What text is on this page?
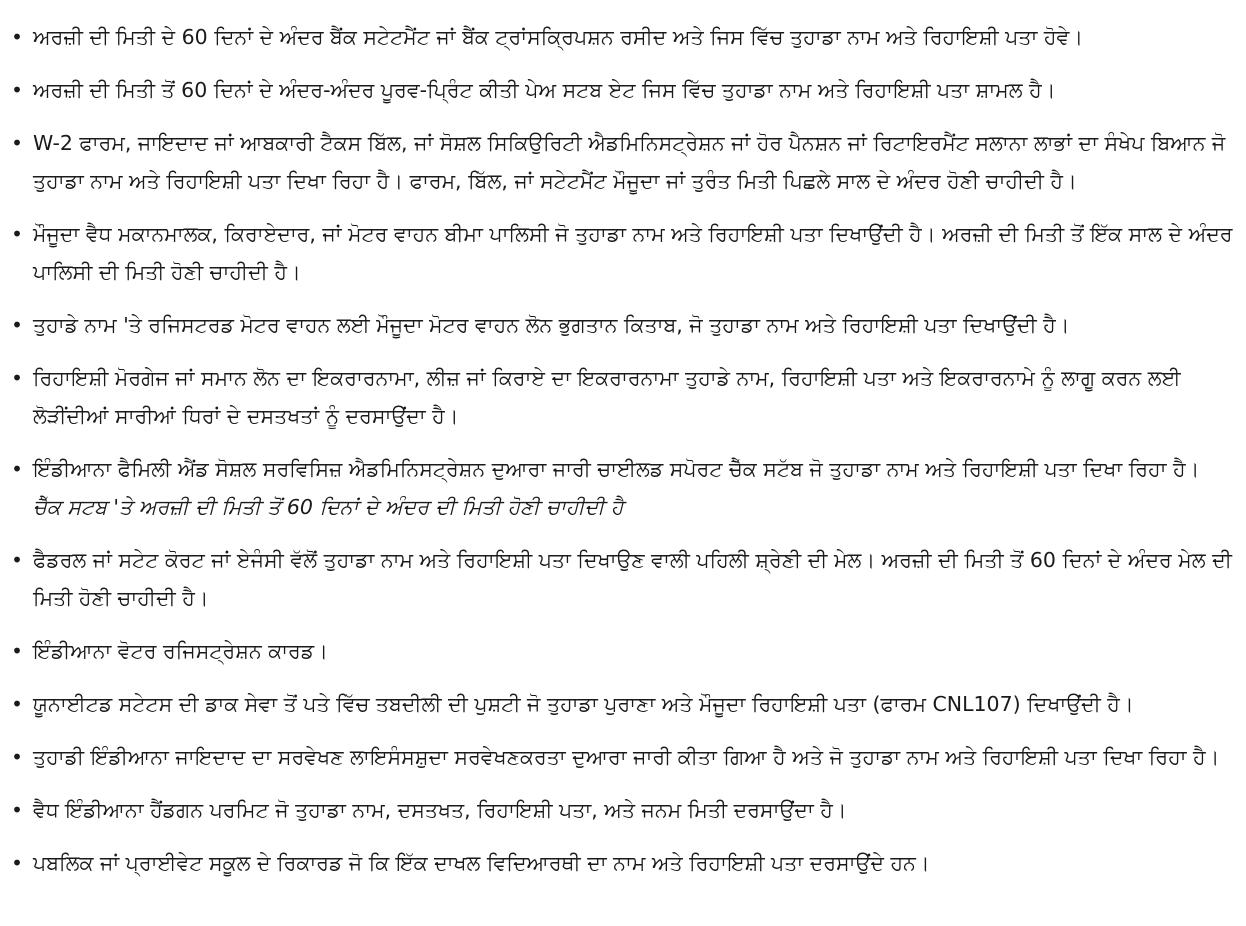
• ਅਰਜ਼ੀ ਦੀ ਮਿਤੀ ਦੇ 60 ਦਿਨਾਂ ਦੇ ਅੰਦਰ ਬੈਂਕ ਸਟੇਟਮੈਂਟ ਜਾਂ ਬੈਂਕ ਟ੍ਰਾਂਸਕ੍ਰਿਪਸ਼ਨ ਰਸੀਦ ਅਤੇ ਜਿਸ ਵਿੱਚ ਤੁਹਾਡਾ ਨਾਮ ਅਤੇ ਰਿਹਾਇਸ਼ੀ ਪਤਾ ਹੋਵੇ।
• ਅਰਜ਼ੀ ਦੀ ਮਿਤੀ ਤੋਂ 60 ਦਿਨਾਂ ਦੇ ਅੰਦਰ-ਅੰਦਰ ਪੂਰਵ-ਪ੍ਰਿੰਟ ਕੀਤੀ ਪੇਅ ਸਟਬ ਏਟ ਜਿਸ ਵਿੱਚ ਤੁਹਾਡਾ ਨਾਮ ਅਤੇ ਰਿਹਾਇਸ਼ੀ ਪਤਾ ਸ਼ਾਮਲ ਹੈ।
• W-2 ਫਾਰਮ, ਜਾਇਦਾਦ ਜਾਂ ਆਬਕਾਰੀ ਟੈਕਸ ਬਿੱਲ, ਜਾਂ ਸੋਸ਼ਲ ਸਿਕਿਉਰਿਟੀ ਐਡਮਿਨਿਸਟ੍ਰੇਸ਼ਨ ਜਾਂ ਹੋਰ ਪੈਨਸ਼ਨ ਜਾਂ ਰਿਟਾਇਰਮੈਂਟ ਸਲਾਨਾ ਲਾਭਾਂ ਦਾ ਸੰਖੇਪ ਬਿਆਨ ਜੋ ਤੁਹਾਡਾ ਨਾਮ ਅਤੇ ਰਿਹਾਇਸ਼ੀ ਪਤਾ ਦਿਖਾ ਰਿਹਾ ਹੈ। ਫਾਰਮ, ਬਿੱਲ, ਜਾਂ ਸਟੇਟਮੈਂਟ ਮੌਜੂਦਾ ਜਾਂ ਤੁਰੰਤ ਮਿਤੀ ਪਿਛਲੇ ਸਾਲ ਦੇ ਅੰਦਰ ਹੋਣੀ ਚਾਹੀਦੀ ਹੈ।
• ਮੌਜੂਦਾ ਵੈਧ ਮਕਾਨਮਾਲਕ, ਕਿਰਾਏਦਾਰ, ਜਾਂ ਮੋਟਰ ਵਾਹਨ ਬੀਮਾ ਪਾਲਿਸੀ ਜੋ ਤੁਹਾਡਾ ਨਾਮ ਅਤੇ ਰਿਹਾਇਸ਼ੀ ਪਤਾ ਦਿਖਾਉਂਦੀ ਹੈ। ਅਰਜ਼ੀ ਦੀ ਮਿਤੀ ਤੋਂ ਇੱਕ ਸਾਲ ਦੇ ਅੰਦਰ ਪਾਲਿਸੀ ਦੀ ਮਿਤੀ ਹੋਣੀ ਚਾਹੀਦੀ ਹੈ।
• ਤੁਹਾਡੇ ਨਾਮ 'ਤੇ ਰਜਿਸਟਰਡ ਮੋਟਰ ਵਾਹਨ ਲਈ ਮੌਜੂਦਾ ਮੋਟਰ ਵਾਹਨ ਲੋਨ ਭੁਗਤਾਨ ਕਿਤਾਬ, ਜੋ ਤੁਹਾਡਾ ਨਾਮ ਅਤੇ ਰਿਹਾਇਸ਼ੀ ਪਤਾ ਦਿਖਾਉਂਦੀ ਹੈ।
• ਰਿਹਾਇਸ਼ੀ ਮੋਰਗੇਜ ਜਾਂ ਸਮਾਨ ਲੋਨ ਦਾ ਇਕਰਾਰਨਾਮਾ, ਲੀਜ਼ ਜਾਂ ਕਿਰਾਏ ਦਾ ਇਕਰਾਰਨਾਮਾ ਤੁਹਾਡੇ ਨਾਮ, ਰਿਹਾਇਸ਼ੀ ਪਤਾ ਅਤੇ ਇਕਰਾਰਨਾਮੇ ਨੂੰ ਲਾਗੂ ਕਰਨ ਲਈ ਲੋੜੀਂਦੀਆਂ ਸਾਰੀਆਂ ਧਿਰਾਂ ਦੇ ਦਸਤਖਤਾਂ ਨੂੰ ਦਰਸਾਉਂਦਾ ਹੈ।
• ਇੰਡੀਆਨਾ ਫੈਮਿਲੀ ਐਂਡ ਸੋਸ਼ਲ ਸਰਵਿਸਿਜ਼ ਐਡਮਿਨਿਸਟ੍ਰੇਸ਼ਨ ਦੁਆਰਾ ਜਾਰੀ ਚਾਈਲਡ ਸਪੋਰਟ ਚੈੱਕ ਸਟੱਬ ਜੋ ਤੁਹਾਡਾ ਨਾਮ ਅਤੇ ਰਿਹਾਇਸ਼ੀ ਪਤਾ ਦਿਖਾ ਰਿਹਾ ਹੈ।
ਚੈੱਕ ਸਟਬ 'ਤੇ ਅਰਜ਼ੀ ਦੀ ਮਿਤੀ ਤੋਂ 60 ਦਿਨਾਂ ਦੇ ਅੰਦਰ ਦੀ ਮਿਤੀ ਹੋਣੀ ਚਾਹੀਦੀ ਹੈ
• ਫੈਡਰਲ ਜਾਂ ਸਟੇਟ ਕੋਰਟ ਜਾਂ ਏਜੰਸੀ ਵੱਲੋਂ ਤੁਹਾਡਾ ਨਾਮ ਅਤੇ ਰਿਹਾਇਸ਼ੀ ਪਤਾ ਦਿਖਾਉਣ ਵਾਲੀ ਪਹਿਲੀ ਸ਼੍ਰੇਣੀ ਦੀ ਮੇਲ। ਅਰਜ਼ੀ ਦੀ ਮਿਤੀ ਤੋਂ 60 ਦਿਨਾਂ ਦੇ ਅੰਦਰ ਮੇਲ ਦੀ ਮਿਤੀ ਹੋਣੀ ਚਾਹੀਦੀ ਹੈ।
• ਇੰਡੀਆਨਾ ਵੋਟਰ ਰਜਿਸਟ੍ਰੇਸ਼ਨ ਕਾਰਡ।
• ਯੂਨਾਈਟਡ ਸਟੇਟਸ ਦੀ ਡਾਕ ਸੇਵਾ ਤੋਂ ਪਤੇ ਵਿੱਚ ਤਬਦੀਲੀ ਦੀ ਪੁਸ਼ਟੀ ਜੋ ਤੁਹਾਡਾ ਪੁਰਾਣਾ ਅਤੇ ਮੌਜੂਦਾ ਰਿਹਾਇਸ਼ੀ ਪਤਾ (ਫਾਰਮ CNL107) ਦਿਖਾਉਂਦੀ ਹੈ।
• ਤੁਹਾਡੀ ਇੰਡੀਆਨਾ ਜਾਇਦਾਦ ਦਾ ਸਰਵੇਖਣ ਲਾਇਸੰਸਸ਼ੁਦਾ ਸਰਵੇਖਣਕਰਤਾ ਦੁਆਰਾ ਜਾਰੀ ਕੀਤਾ ਗਿਆ ਹੈ ਅਤੇ ਜੋ ਤੁਹਾਡਾ ਨਾਮ ਅਤੇ ਰਿਹਾਇਸ਼ੀ ਪਤਾ ਦਿਖਾ ਰਿਹਾ ਹੈ।
• ਵੈਧ ਇੰਡੀਆਨਾ ਹੈਂਡਗਨ ਪਰਮਿਟ ਜੋ ਤੁਹਾਡਾ ਨਾਮ, ਦਸਤਖਤ, ਰਿਹਾਇਸ਼ੀ ਪਤਾ, ਅਤੇ ਜਨਮ ਮਿਤੀ ਦਰਸਾਉਂਦਾ ਹੈ।
• ਪਬਲਿਕ ਜਾਂ ਪ੍ਰਾਈਵੇਟ ਸਕੂਲ ਦੇ ਰਿਕਾਰਡ ਜੋ ਕਿ ਇੱਕ ਦਾਖਲ ਵਿਦਿਆਰਥੀ ਦਾ ਨਾਮ ਅਤੇ ਰਿਹਾਇਸ਼ੀ ਪਤਾ ਦਰਸਾਉਂਦੇ ਹਨ।
